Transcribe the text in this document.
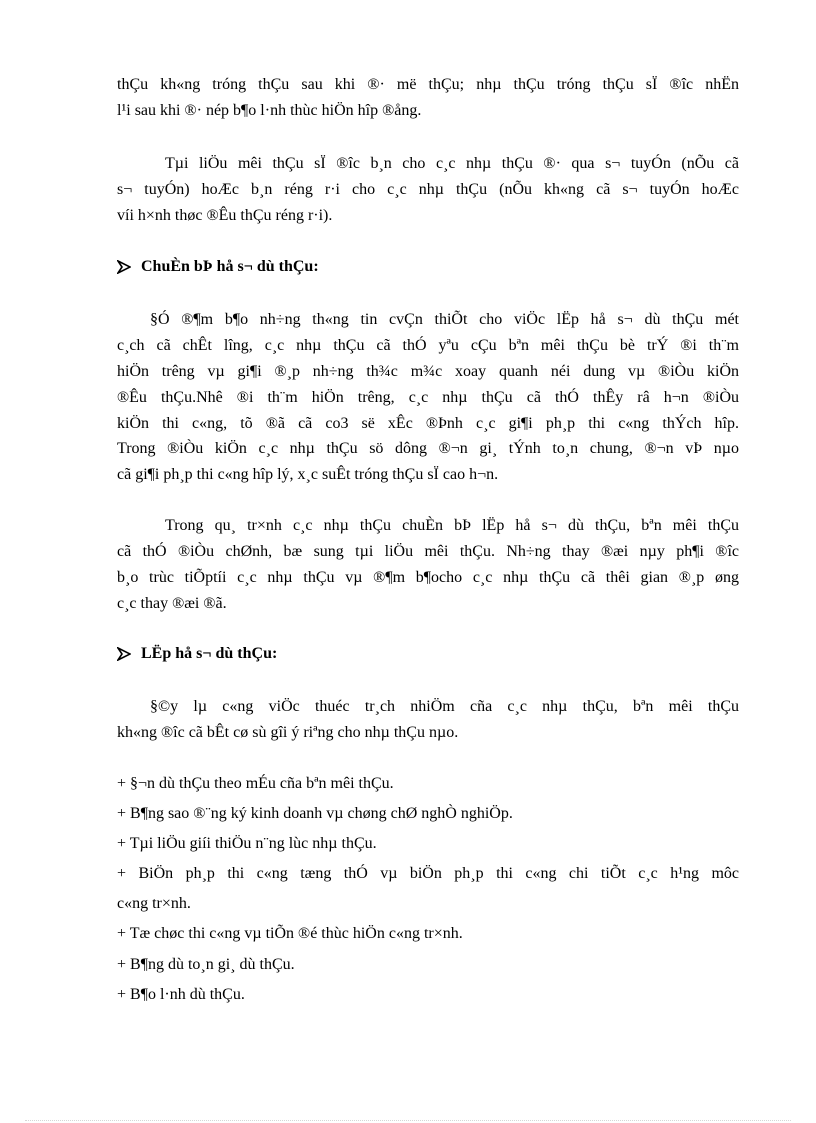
thÇu kh«ng tróng thÇu sau khi ®· më thÇu; nhµ thÇu tróng thÇu sÏ ®îc nhËn
l¹i sau khi ®· nép b¶o l·nh thùc hiÖn hîp ®ång.
Tµi liÖu mêi thÇu sÏ ®îc b¸n cho c¸c nhµ thÇu ®· qua s¬ tuyÓn (nÕu cã
s¬ tuyÓn) hoÆc b¸n réng r·i cho c¸c nhµ thÇu (nÕu kh«ng cã s¬ tuyÓn hoÆc
víi h×nh thøc ®Êu thÇu réng r·i).
ChuÈn bÞ hå s¬ dù thÇu:
§Ó ®¶m b¶o nh÷ng th«ng tin cvÇn thiÕt cho viÖc lËp hå s¬ dù thÇu mét
c¸ch cã chÊt lîng, c¸c nhµ thÇu cã thÓ yªu cÇu bªn mêi thÇu bè trÝ ®i th¨m
hiÖn trêng vµ gi¶i ®¸p nh÷ng th¾c m¾c xoay quanh néi dung vµ ®iÒu kiÖn
®Êu thÇu.Nhê ®i th¨m hiÖn trêng, c¸c nhµ thÇu cã thÓ thÊy râ h¬n ®iÒu
kiÖn thi c«ng, tõ ®ã cã co3 së xÊc ®Þnh c¸c gi¶i ph¸p thi c«ng thÝch hîp.
Trong ®iÒu kiÖn c¸c nhµ thÇu sö dông ®¬n gi¸ tÝnh to¸n chung, ®¬n vÞ nµo
cã gi¶i ph¸p thi c«ng hîp lý, x¸c suÊt tróng thÇu sÏ cao h¬n.
Trong qu¸ tr×nh c¸c nhµ thÇu chuÈn bÞ lËp hå s¬ dù thÇu, bªn mêi thÇu
cã thÓ ®iÒu chØnh, bæ sung tµi liÖu mêi thÇu. Nh÷ng thay ®æi nµy ph¶i ®îc
b¸o trùc tiÕptíi c¸c nhµ thÇu vµ ®¶m b¶ocho c¸c nhµ thÇu cã thêi gian ®¸p øng
c¸c thay ®æi ®ã.
LËp hå s¬ dù thÇu:
§©y lµ c«ng viÖc thuéc tr¸ch nhiÖm cña c¸c nhµ thÇu, bªn mêi thÇu
kh«ng ®îc cã bÊt cø sù gîi ý riªng cho nhµ thÇu nµo.
+ §¬n dù thÇu theo mÉu cña bªn mêi thÇu.
+ B¶ng sao ®¨ng ký kinh doanh vµ chøng chØ nghÒ nghiÖp.
+ Tµi liÖu giíi thiÖu n¨ng lùc nhµ thÇu.
+ BiÖn ph¸p thi c«ng tæng thÓ vµ biÖn ph¸p thi c«ng chi tiÕt c¸c h¹ng môc
c«ng tr×nh.
+ Tæ chøc thi c«ng vµ tiÕn ®é thùc hiÖn c«ng tr×nh.
+ B¶ng dù to¸n gi¸ dù thÇu.
+ B¶o l·nh dù thÇu.
